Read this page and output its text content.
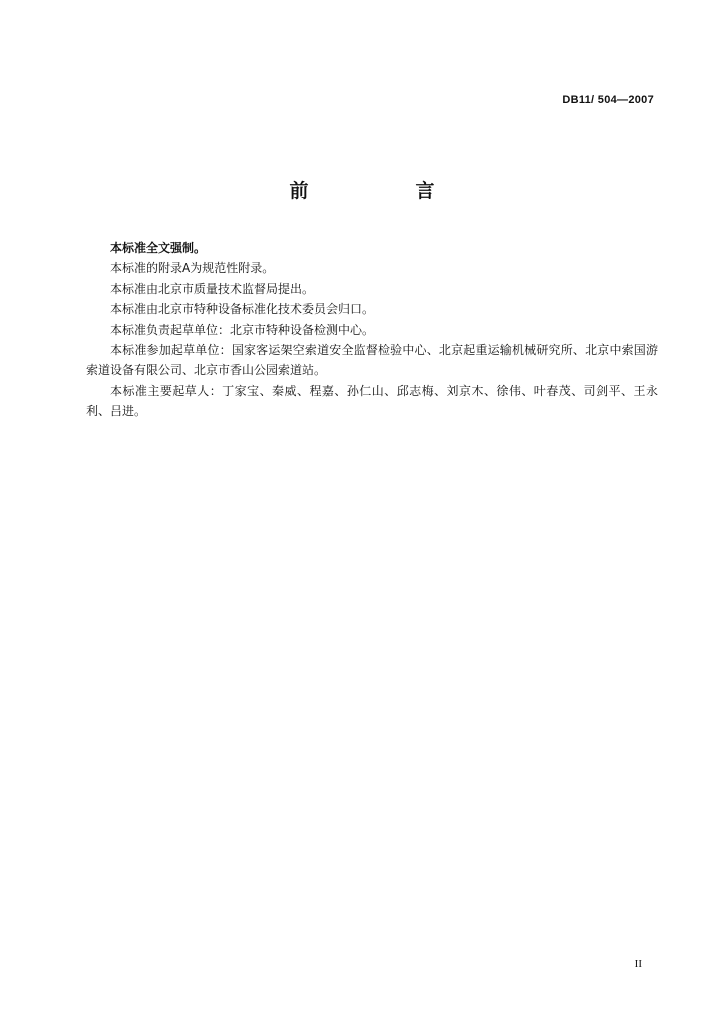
DB11/ 504—2007
前　言

本标准全文强制。

本标准的附录A为规范性附录。

本标准由北京市质量技术监督局提出。

本标准由北京市特种设备标准化技术委员会归口。

本标准负责起草单位：北京市特种设备检测中心。

本标准参加起草单位：国家客运架空索道安全监督检验中心、北京起重运输机械研究所、北京中索国游索道设备有限公司、北京市香山公园索道站。

本标准主要起草人：丁家宝、秦威、程嘉、孙仁山、邱志梅、刘京木、徐伟、叶春茂、司剑平、王永利、吕进。

II
